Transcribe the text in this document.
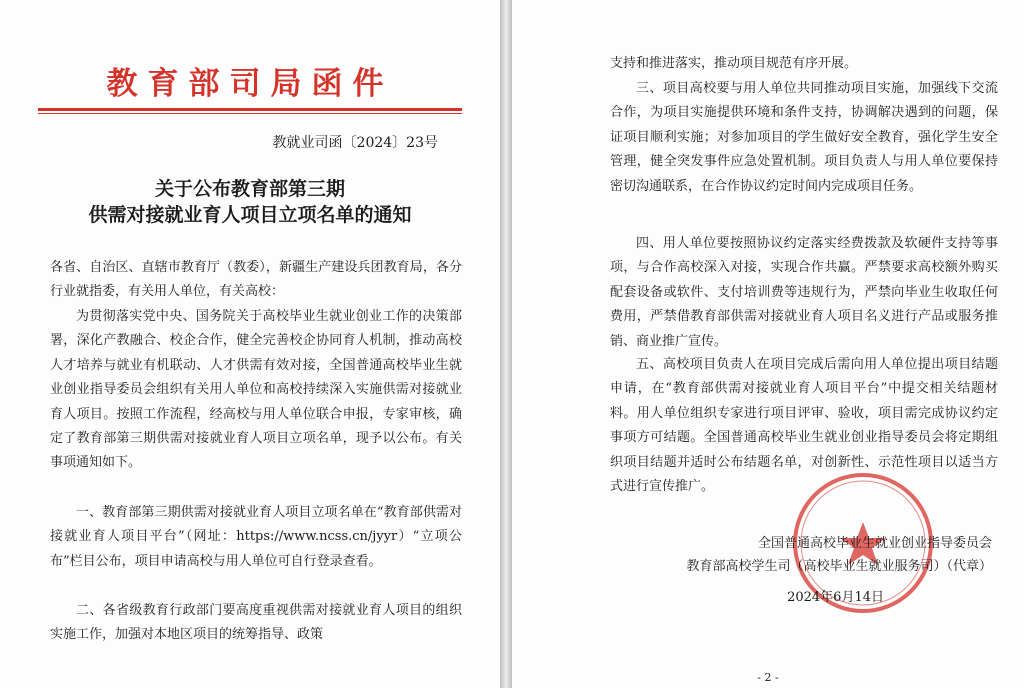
教育部司局函件
教就业司函〔2024〕23号
关于公布教育部第三期
供需对接就业育人项目立项名单的通知

各省、自治区、直辖市教育厅（教委），新疆生产建设兵团教育局，各分行业就指委，有关用人单位，有关高校：

为贯彻落实党中央、国务院关于高校毕业生就业创业工作的决策部署，深化产教融合、校企合作，健全完善校企协同育人机制，推动高校人才培养与就业有机联动、人才供需有效对接，全国普通高校毕业生就业创业指导委员会组织有关用人单位和高校持续深入实施供需对接就业育人项目。按照工作流程，经高校与用人单位联合申报，专家审核，确定了教育部第三期供需对接就业育人项目立项名单，现予以公布。有关事项通知如下。

一、教育部第三期供需对接就业育人项目立项名单在“教育部供需对接就业育人项目平台”（网址：https://www.ncss.cn/jyyr）“立项公布”栏目公布，项目申请高校与用人单位可自行登录查看。

二、各省级教育行政部门要高度重视供需对接就业育人项目的组织实施工作，加强对本地区项目的统筹指导、政策

支持和推进落实，推动项目规范有序开展。

三、项目高校要与用人单位共同推动项目实施，加强线下交流合作，为项目实施提供环境和条件支持，协调解决遇到的问题，保证项目顺利实施；对参加项目的学生做好安全教育，强化学生安全管理，健全突发事件应急处置机制。项目负责人与用人单位要保持密切沟通联系，在合作协议约定时间内完成项目任务。

四、用人单位要按照协议约定落实经费拨款及软硬件支持等事项，与合作高校深入对接，实现合作共赢。严禁要求高校额外购买配套设备或软件、支付培训费等违规行为，严禁向毕业生收取任何费用，严禁借教育部供需对接就业育人项目名义进行产品或服务推销、商业推广宣传。

五、高校项目负责人在项目完成后需向用人单位提出项目结题申请，在“教育部供需对接就业育人项目平台”中提交相关结题材料。用人单位组织专家进行项目评审、验收，项目需完成协议约定事项方可结题。全国普通高校毕业生就业创业指导委员会将定期组织项目结题并适时公布结题名单，对创新性、示范性项目以适当方式进行宣传推广。

全国普通高校毕业生就业创业指导委员会
教育部高校学生司（高校毕业生就业服务司）（代章）
2024年6月14日
- 2 -
